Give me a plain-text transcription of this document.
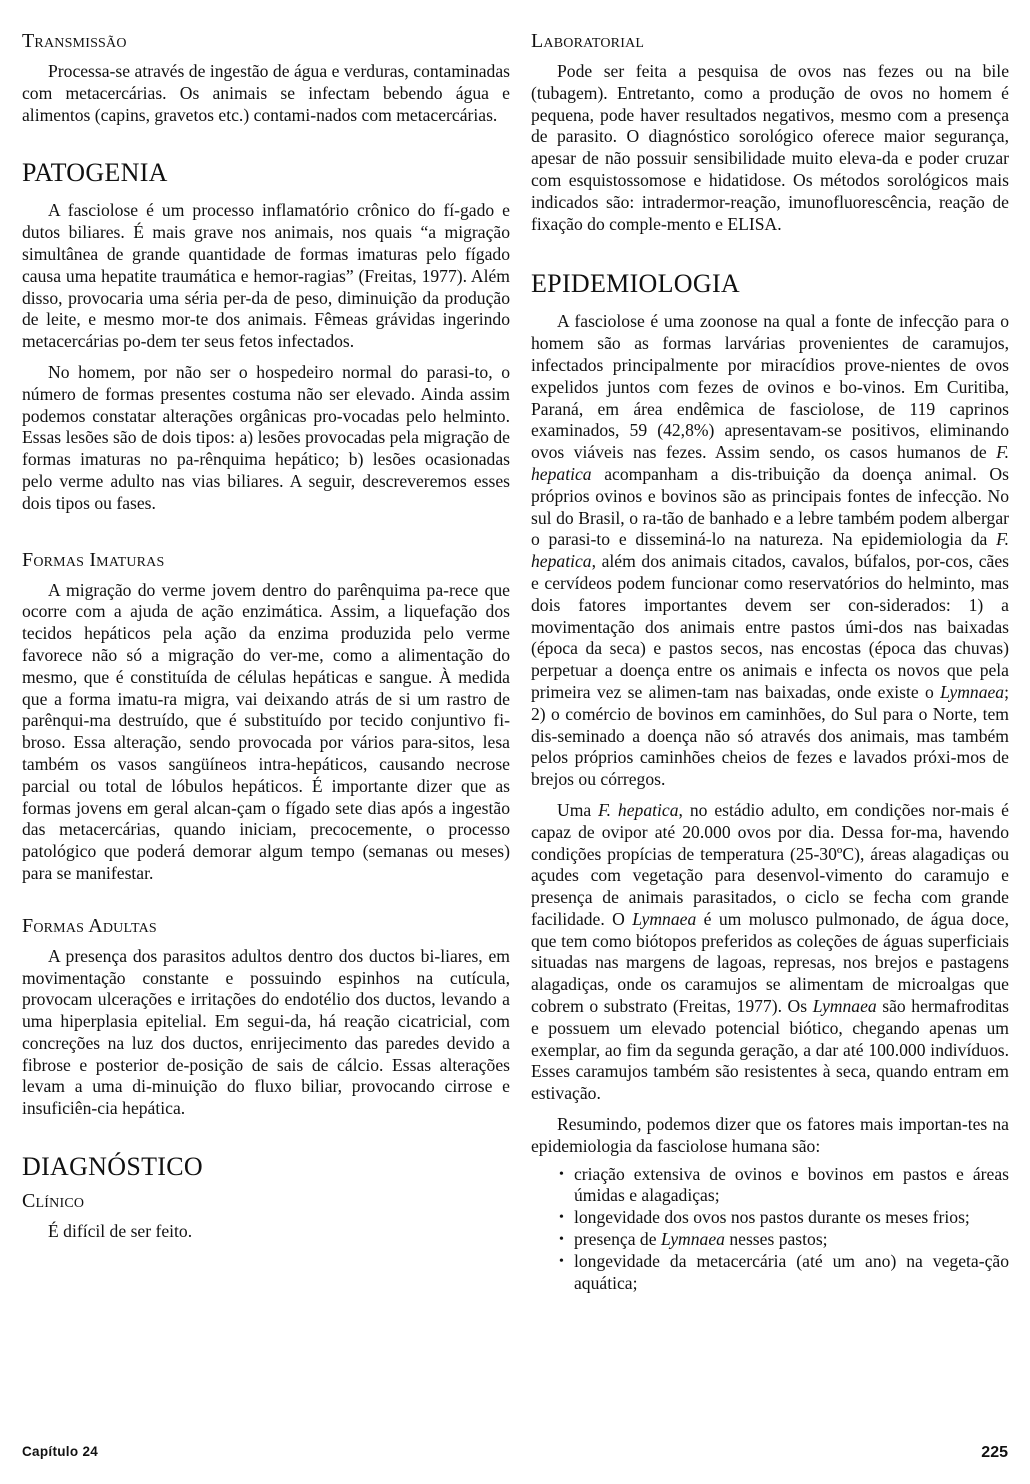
Transmissão

Processa-se através de ingestão de água e verduras, contaminadas com metacercárias. Os animais se infectam bebendo água e alimentos (capins, gravetos etc.) contami-nados com metacercárias.

PATOGENIA

A fasciolose é um processo inflamatório crônico do fí-gado e dutos biliares. É mais grave nos animais, nos quais “a migração simultânea de grande quantidade de formas imaturas pelo fígado causa uma hepatite traumática e hemor-ragias” (Freitas, 1977). Além disso, provocaria uma séria per-da de peso, diminuição da produção de leite, e mesmo mor-te dos animais. Fêmeas grávidas ingerindo metacercárias po-dem ter seus fetos infectados.

No homem, por não ser o hospedeiro normal do parasi-to, o número de formas presentes costuma não ser elevado. Ainda assim podemos constatar alterações orgânicas pro-vocadas pelo helminto. Essas lesões são de dois tipos: a) lesões provocadas pela migração de formas imaturas no pa-rênquima hepático; b) lesões ocasionadas pelo verme adulto nas vias biliares. A seguir, descreveremos esses dois tipos ou fases.

Formas Imaturas

A migração do verme jovem dentro do parênquima pa-rece que ocorre com a ajuda de ação enzimática. Assim, a liquefação dos tecidos hepáticos pela ação da enzima produzida pelo verme favorece não só a migração do ver-me, como a alimentação do mesmo, que é constituída de células hepáticas e sangue. À medida que a forma imatu-ra migra, vai deixando atrás de si um rastro de parênqui-ma destruído, que é substituído por tecido conjuntivo fi-broso. Essa alteração, sendo provocada por vários para-sitos, lesa também os vasos sangüíneos intra-hepáticos, causando necrose parcial ou total de lóbulos hepáticos. É importante dizer que as formas jovens em geral alcan-çam o fígado sete dias após a ingestão das metacercárias, quando iniciam, precocemente, o processo patológico que poderá demorar algum tempo (semanas ou meses) para se manifestar.

Formas Adultas

A presença dos parasitos adultos dentro dos ductos bi-liares, em movimentação constante e possuindo espinhos na cutícula, provocam ulcerações e irritações do endotélio dos ductos, levando a uma hiperplasia epitelial. Em segui-da, há reação cicatricial, com concreções na luz dos ductos, enrijecimento das paredes devido a fibrose e posterior de-posição de sais de cálcio. Essas alterações levam a uma di-minuição do fluxo biliar, provocando cirrose e insuficiên-cia hepática.

DIAGNÓSTICO
Clínico

É difícil de ser feito.

Laboratorial

Pode ser feita a pesquisa de ovos nas fezes ou na bile (tubagem). Entretanto, como a produção de ovos no homem é pequena, pode haver resultados negativos, mesmo com a presença de parasito. O diagnóstico sorológico oferece maior segurança, apesar de não possuir sensibilidade muito eleva-da e poder cruzar com esquistossomose e hidatidose. Os métodos sorológicos mais indicados são: intradermor-reação, imunofluorescência, reação de fixação do comple-mento e ELISA.

EPIDEMIOLOGIA

A fasciolose é uma zoonose na qual a fonte de infecção para o homem são as formas larvárias provenientes de caramujos, infectados principalmente por miracídios prove-nientes de ovos expelidos juntos com fezes de ovinos e bo-vinos. Em Curitiba, Paraná, em área endêmica de fasciolose, de 119 caprinos examinados, 59 (42,8%) apresentavam-se positivos, eliminando ovos viáveis nas fezes. Assim sendo, os casos humanos de F. hepatica acompanham a dis-tribuição da doença animal. Os próprios ovinos e bovinos são as principais fontes de infecção. No sul do Brasil, o ra-tão de banhado e a lebre também podem albergar o parasi-to e disseminá-lo na natureza. Na epidemiologia da F. hepatica, além dos animais citados, cavalos, búfalos, por-cos, cães e cervídeos podem funcionar como reservatórios do helminto, mas dois fatores importantes devem ser con-siderados: 1) a movimentação dos animais entre pastos úmi-dos nas baixadas (época da seca) e pastos secos, nas encostas (época das chuvas) perpetuar a doença entre os animais e infecta os novos que pela primeira vez se alimen-tam nas baixadas, onde existe o Lymnaea; 2) o comércio de bovinos em caminhões, do Sul para o Norte, tem dis-seminado a doença não só através dos animais, mas também pelos próprios caminhões cheios de fezes e lavados próxi-mos de brejos ou córregos.

Uma F. hepatica, no estádio adulto, em condições nor-mais é capaz de ovipor até 20.000 ovos por dia. Dessa for-ma, havendo condições propícias de temperatura (25-30ºC), áreas alagadiças ou açudes com vegetação para desenvol-vimento do caramujo e presença de animais parasitados, o ciclo se fecha com grande facilidade. O Lymnaea é um molusco pulmonado, de água doce, que tem como biótopos preferidos as coleções de águas superficiais situadas nas margens de lagoas, represas, nos brejos e pastagens alagadiças, onde os caramujos se alimentam de microalgas que cobrem o substrato (Freitas, 1977). Os Lymnaea são hermafroditas e possuem um elevado potencial biótico, chegando apenas um exemplar, ao fim da segunda geração, a dar até 100.000 indivíduos. Esses caramujos também são resistentes à seca, quando entram em estivação.

Resumindo, podemos dizer que os fatores mais importan-tes na epidemiologia da fasciolose humana são:

• criação extensiva de ovinos e bovinos em pastos e áreas úmidas e alagadiças;
• longevidade dos ovos nos pastos durante os meses frios;
• presença de Lymnaea nesses pastos;
• longevidade da metacercária (até um ano) na vegeta-ção aquática;
Capítulo 24	225
